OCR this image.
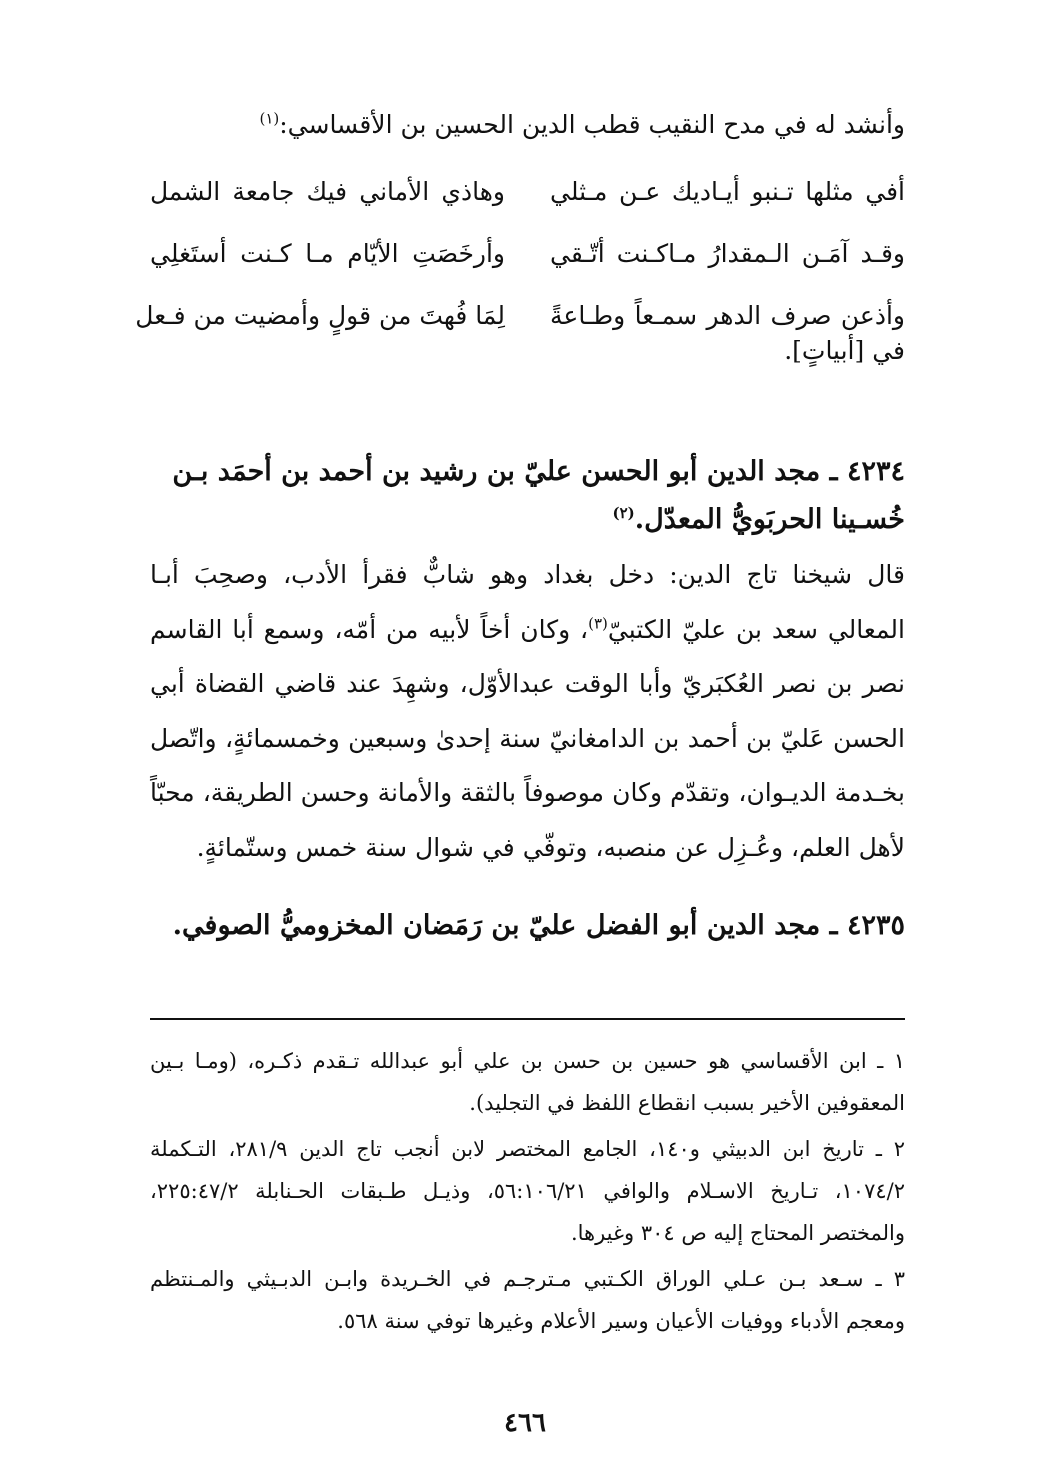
وأنشد له في مدح النقيب قطب الدين الحسين بن الأقساسي:$^{(١)}$
أفي مثلها تـنبو أيـاديك عـن مـثلي
وهاذي الأماني فيك جامعة الشمل
وقـد آمَـن الـمقدارُ مـاكـنت أتّـقي
وأرخَصَتِ الأيّام مـا كـنت أستَغلِي
وأذعن صرف الدهر سمـعاً وطـاعةً
لِمَا فُهتَ من قولٍ وأمضيت من فـعل
في [أبياتٍ].
٤٢٣٤ ـ مجد الدين أبو الحسن عليّ بن رشيد بن أحمد بن أحمَد بـن خُسـينا الحربَويُّ المعدّل.$^{(٢)}$
قال شيخنا تاج الدين: دخل بغداد وهو شابٌّ فقرأ الأدب، وصحِبَ أبـا المعالي سعد بن عليّ الكتبيّ$^{(٣)}$، وكان أخاً لأبيه من أمّه، وسمع أبا القاسم نصر بن نصر العُكبَريّ وأبا الوقت عبدالأوّل، وشهِدَ عند قاضي القضاة أبي الحسن عَليّ بن أحمد بن الدامغانيّ سنة إحدىٰ وسبعين وخمسمائةٍ، واتّصل بخـدمة الديـوان، وتقدّم وكان موصوفاً بالثقة والأمانة وحسن الطريقة، محبّاً لأهل العلم، وعُـزِل عن منصبه، وتوفّي في شوال سنة خمس وستّمائةٍ.
٤٢٣٥ ـ مجد الدين أبو الفضل عليّ بن رَمَضان المخزوميُّ الصوفي.
١ ـ ابن الأقساسي هو حسين بن حسن بن علي أبو عبدالله تـقدم ذكـره، (ومـا بـين المعقوفين الأخير بسبب انقطاع اللفظ في التجليد).
٢ ـ تاريخ ابن الدبيثي و١٤٠، الجامع المختصر لابن أنجب تاج الدين ٢٨١/٩، التـكملة ١٠٧٤/٢، تـاريخ الاسـلام والوافي ٥٦:١٠٦/٢١، وذيـل طـبقات الحـنابلة ٢٢٥:٤٧/٢، والمختصر المحتاج إليه ص ٣٠٤ وغيرها.
٣ ـ سـعد بـن عـلي الوراق الكـتبي مـترجـم في الخـريدة وابـن الدبـيثي والمـنتظم ومعجم الأدباء ووفيات الأعيان وسير الأعلام وغيرها توفي سنة ٥٦٨.
٤٦٦
